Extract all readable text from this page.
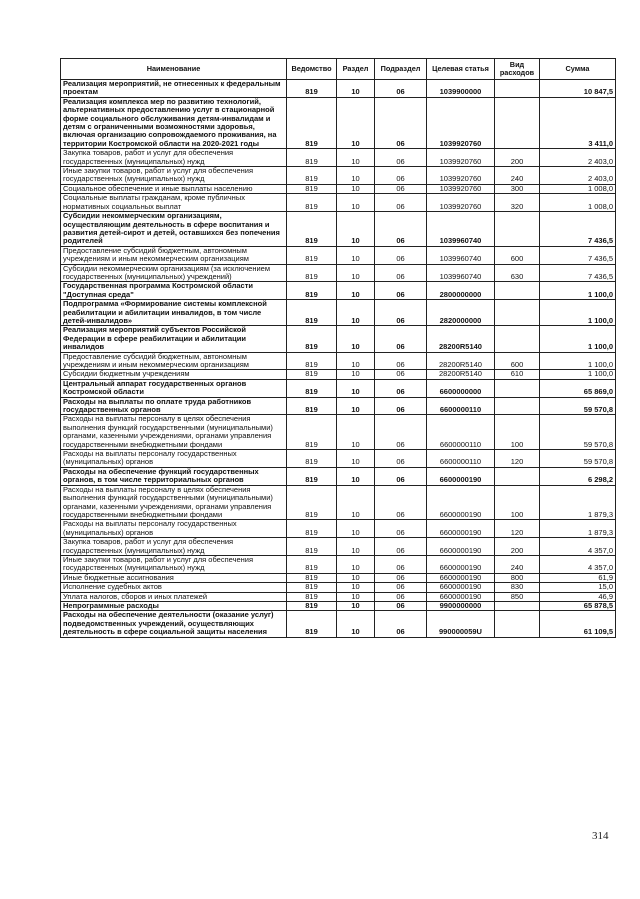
Наименование	Ведомство	Раздел	Подраздел	Целевая статья	Вид расходов	Сумма
Реализация мероприятий, не отнесенных к федеральным проектам	819	10	06	1039900000		10 847,5
Реализация комплекса мер по развитию технологий, альтернативных предоставлению услуг в стационарной форме социального обслуживания детям-инвалидам и детям с ограниченными возможностями здоровья, включая организацию сопровождаемого проживания, на территории Костромской области на 2020-2021 годы	819	10	06	1039920760		3 411,0
Закупка товаров, работ и услуг для обеспечения государственных (муниципальных) нужд	819	10	06	1039920760	200	2 403,0
Иные закупки товаров, работ и услуг для обеспечения государственных (муниципальных) нужд	819	10	06	1039920760	240	2 403,0
Социальное обеспечение и иные выплаты населению	819	10	06	1039920760	300	1 008,0
Социальные выплаты гражданам, кроме публичных нормативных социальных выплат	819	10	06	1039920760	320	1 008,0
Субсидии некоммерческим организациям, осуществляющим деятельность в сфере воспитания и развития детей-сирот и детей, оставшихся без попечения родителей	819	10	06	1039960740		7 436,5
Предоставление субсидий бюджетным, автономным учреждениям и иным некоммерческим организациям	819	10	06	1039960740	600	7 436,5
Субсидии некоммерческим организациям (за исключением государственных (муниципальных) учреждений)	819	10	06	1039960740	630	7 436,5
Государственная программа Костромской области "Доступная среда"	819	10	06	2800000000		1 100,0
Подпрограмма «Формирование системы комплексной реабилитации и абилитации инвалидов, в том числе детей-инвалидов»	819	10	06	2820000000		1 100,0
Реализация мероприятий субъектов Российской Федерации в сфере реабилитации и абилитации инвалидов	819	10	06	28200R5140		1 100,0
Предоставление субсидий бюджетным, автономным учреждениям и иным некоммерческим организациям	819	10	06	28200R5140	600	1 100,0
Субсидии бюджетным учреждениям	819	10	06	28200R5140	610	1 100,0
Центральный аппарат государственных органов Костромской области	819	10	06	6600000000		65 869,0
Расходы на выплаты по оплате труда работников государственных органов	819	10	06	6600000110		59 570,8
Расходы на выплаты персоналу в целях обеспечения выполнения функций государственными (муниципальными) органами, казенными учреждениями, органами управления государственными внебюджетными фондами	819	10	06	6600000110	100	59 570,8
Расходы на выплаты персоналу государственных (муниципальных) органов	819	10	06	6600000110	120	59 570,8
Расходы на обеспечение функций государственных органов, в том числе территориальных органов	819	10	06	6600000190		6 298,2
Расходы на выплаты персоналу в целях обеспечения выполнения функций государственными (муниципальными) органами, казенными учреждениями, органами управления государственными внебюджетными фондами	819	10	06	6600000190	100	1 879,3
Расходы на выплаты персоналу государственных (муниципальных) органов	819	10	06	6600000190	120	1 879,3
Закупка товаров, работ и услуг для обеспечения государственных (муниципальных) нужд	819	10	06	6600000190	200	4 357,0
Иные закупки товаров, работ и услуг для обеспечения государственных (муниципальных) нужд	819	10	06	6600000190	240	4 357,0
Иные бюджетные ассигнования	819	10	06	6600000190	800	61,9
Исполнение судебных актов	819	10	06	6600000190	830	15,0
Уплата налогов, сборов и иных платежей	819	10	06	6600000190	850	46,9
Непрограммные расходы	819	10	06	9900000000		65 878,5
Расходы на обеспечение деятельности (оказание услуг) подведомственных учреждений, осуществляющих деятельность в сфере социальной защиты населения	819	10	06	990000059U		61 109,5
314
